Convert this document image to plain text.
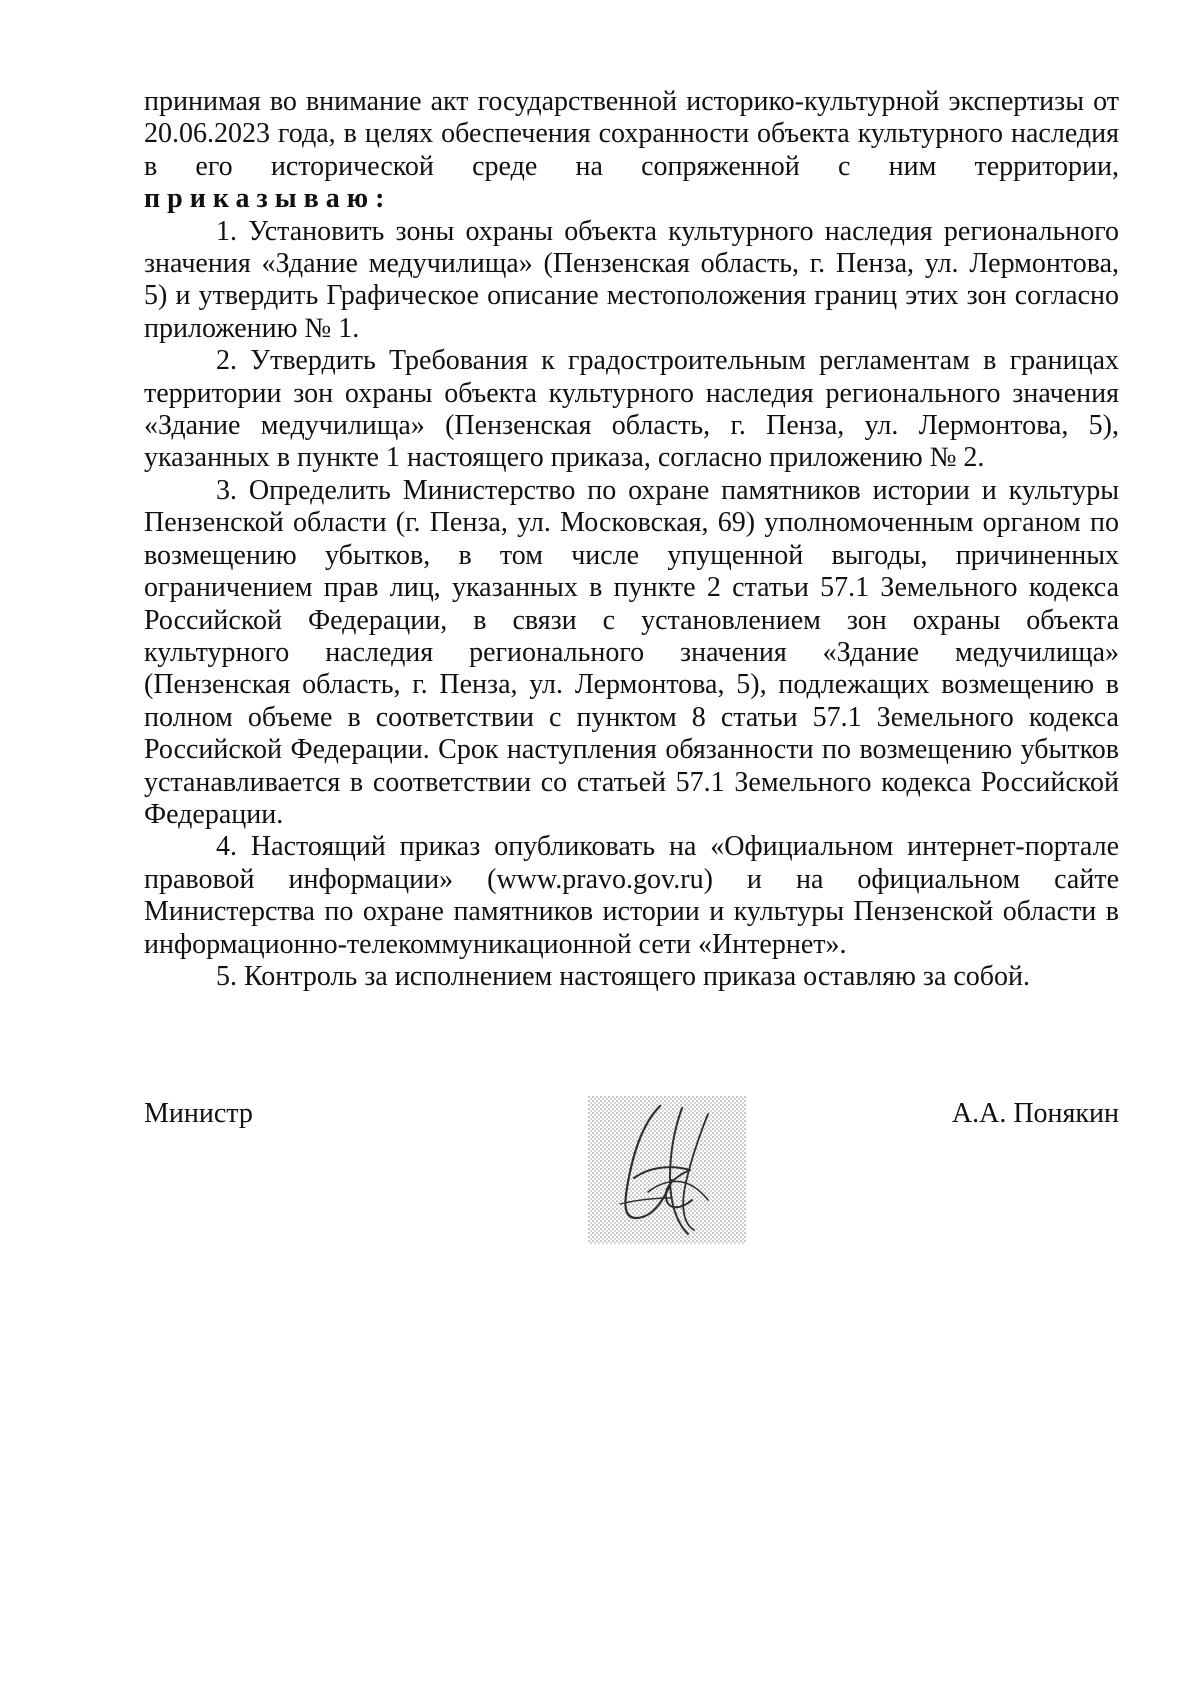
принимая во внимание акт государственной историко-культурной экспертизы от 20.06.2023 года, в целях обеспечения сохранности объекта культурного наследия в его исторической среде на сопряженной с ним территории, приказываю:

1. Установить зоны охраны объекта культурного наследия регионального значения «Здание медучилища» (Пензенская область, г. Пенза, ул. Лермонтова, 5) и утвердить Графическое описание местоположения границ этих зон согласно приложению № 1.

2. Утвердить Требования к градостроительным регламентам в границах территории зон охраны объекта культурного наследия регионального значения «Здание медучилища» (Пензенская область, г. Пенза, ул. Лермонтова, 5), указанных в пункте 1 настоящего приказа, согласно приложению № 2.

3. Определить Министерство по охране памятников истории и культуры Пензенской области (г. Пенза, ул. Московская, 69) уполномоченным органом по возмещению убытков, в том числе упущенной выгоды, причиненных ограничением прав лиц, указанных в пункте 2 статьи 57.1 Земельного кодекса Российской Федерации, в связи с установлением зон охраны объекта культурного наследия регионального значения «Здание медучилища» (Пензенская область, г. Пенза, ул. Лермонтова, 5), подлежащих возмещению в полном объеме в соответствии с пунктом 8 статьи 57.1 Земельного кодекса Российской Федерации. Срок наступления обязанности по возмещению убытков устанавливается в соответствии со статьей 57.1 Земельного кодекса Российской Федерации.

4. Настоящий приказ опубликовать на «Официальном интернет-портале правовой информации» (www.pravo.gov.ru) и на официальном сайте Министерства по охране памятников истории и культуры Пензенской области в информационно-телекоммуникационной сети «Интернет».

5. Контроль за исполнением настоящего приказа оставляю за собой.

Министр	А.А. Понякин
